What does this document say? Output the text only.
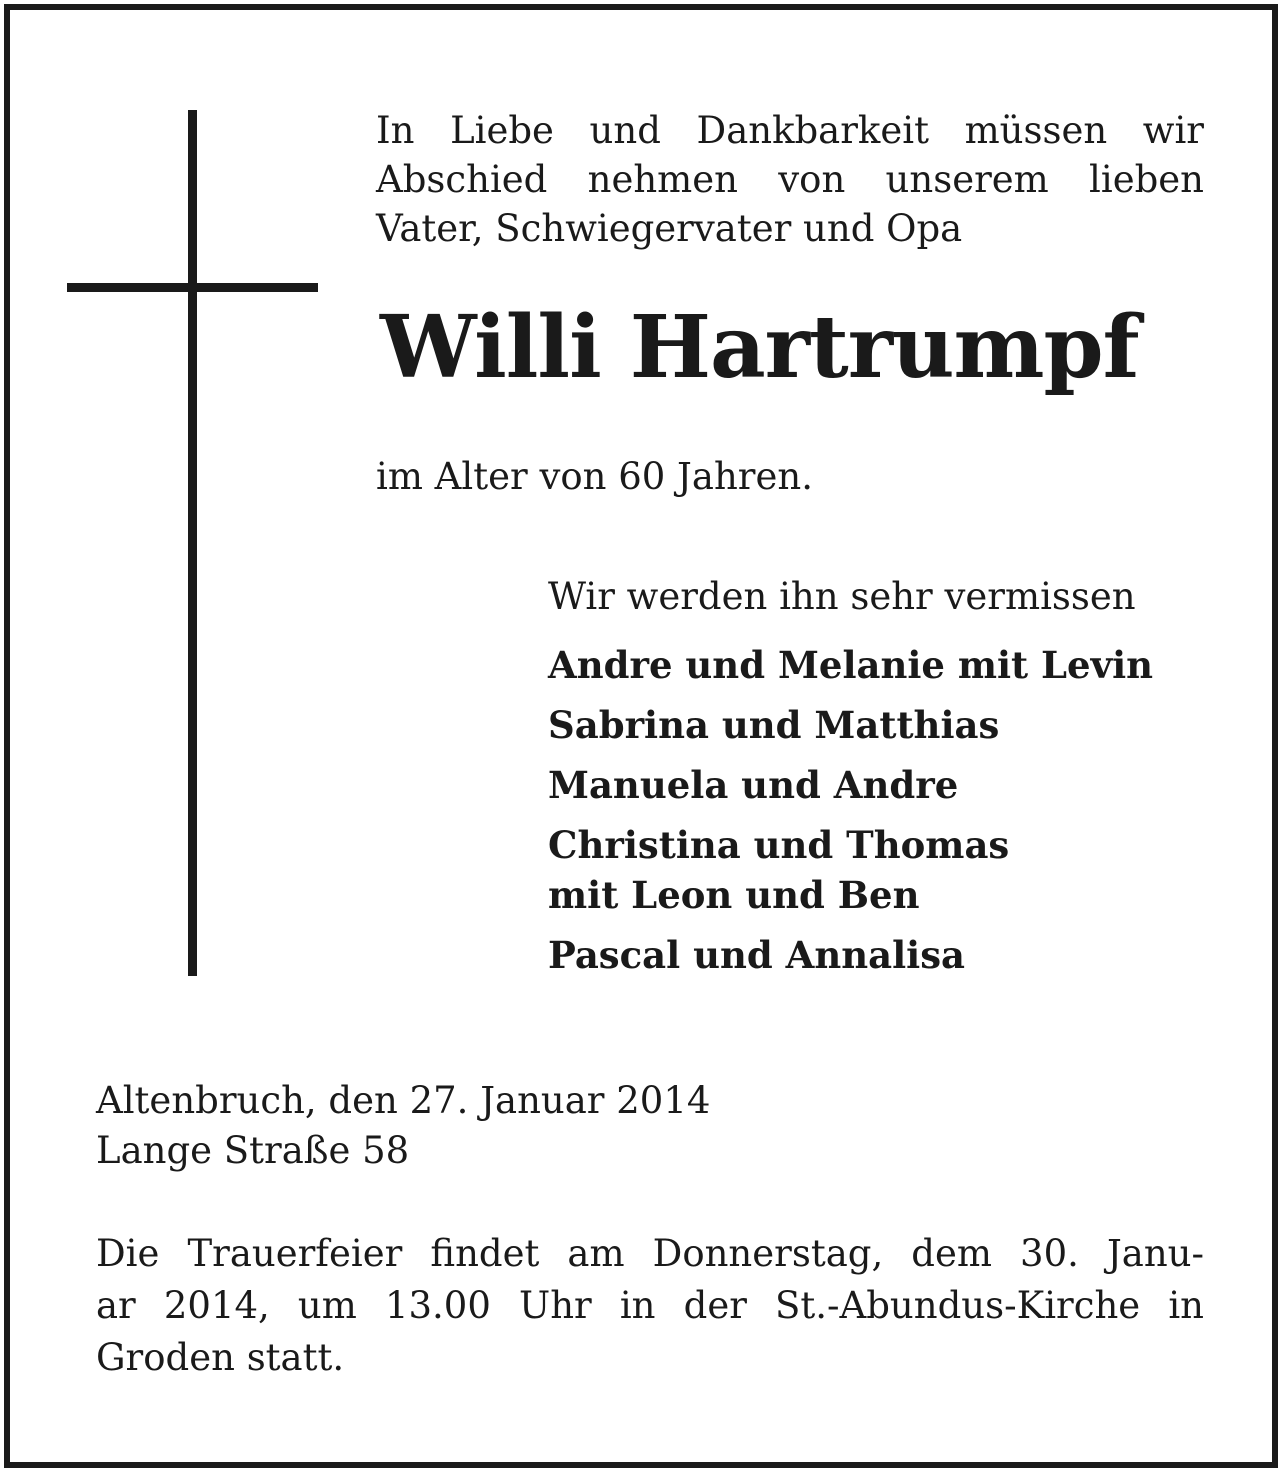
In Liebe und Dankbarkeit müssen wir
Abschied nehmen von unserem lieben
Vater, Schwiegervater und Opa

Willi Hartrumpf

im Alter von 60 Jahren.

Wir werden ihn sehr vermissen

Andre und Melanie mit Levin
Sabrina und Matthias
Manuela und Andre
Christina und Thomas
mit Leon und Ben
Pascal und Annalisa

Altenbruch, den 27. Januar 2014
Lange Straße 58

Die Trauerfeier findet am Donnerstag, dem 30. Janu-
ar 2014, um 13.00 Uhr in der St.-Abundus-Kirche in
Groden statt.
